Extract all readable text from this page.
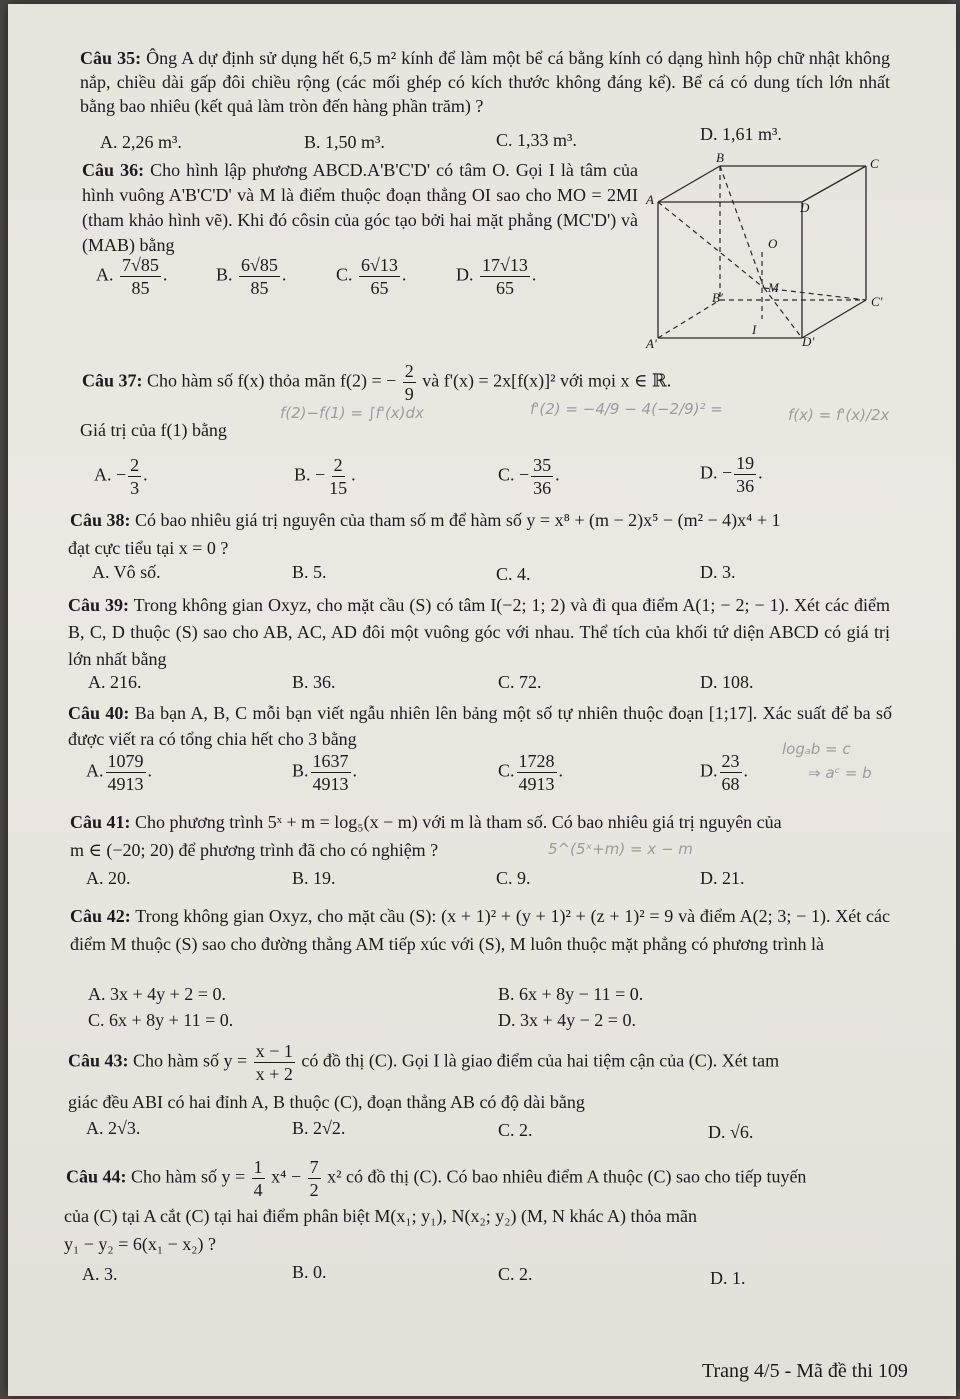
Câu 35: Ông A dự định sử dụng hết 6,5 m² kính để làm một bể cá bằng kính có dạng hình hộp chữ nhật không nắp, chiều dài gấp đôi chiều rộng (các mối ghép có kích thước không đáng kể). Bể cá có dung tích lớn nhất bằng bao nhiêu (kết quả làm tròn đến hàng phần trăm) ?
A. 2,26 m³.	B. 1,50 m³.	C. 1,33 m³.	D. 1,61 m³.
Câu 36: Cho hình lập phương ABCD.A'B'C'D' có tâm O. Gọi I là tâm của hình vuông A'B'C'D' và M là điểm thuộc đoạn thẳng OI sao cho MO = 2MI (tham khảo hình vẽ). Khi đó côsin của góc tạo bởi hai mặt phẳng (MC'D') và (MAB) bằng
A. $\frac{7√85}{85}$ .	B. $\frac{6√85}{85}$ .	C. $\frac{6√13}{65}$ .	D. $\frac{17√13}{65}$ .
B	C
A
D
O
M
B'	C'
I
A'	D'
Câu 37: Cho hàm số f(x) thỏa mãn f(2) = − $\frac{2}{9}$ và f'(x) = 2x[f(x)]² với mọi x ∈ ℝ.
Giá trị của f(1) bằng
f(2)−f(1) = ∫f'(x)dx	f'(2) = −4/9 − 4(−2/9)² =	f(x) = f'(x)/2x
A. − $\frac{2}{3}$ .	B. − $\frac{2}{15}$ .	C. − $\frac{35}{36}$ .	D. − $\frac{19}{36}$ .
Câu 38: Có bao nhiêu giá trị nguyên của tham số m để hàm số y = x⁸ + (m − 2)x⁵ − (m² − 4)x⁴ + 1
đạt cực tiểu tại x = 0 ?
A. Vô số.	B. 5.	C. 4.	D. 3.
Câu 39: Trong không gian Oxyz, cho mặt cầu (S) có tâm I(−2; 1; 2) và đi qua điểm A(1; − 2; − 1). Xét các điểm B, C, D thuộc (S) sao cho AB, AC, AD đôi một vuông góc với nhau. Thể tích của khối tứ diện ABCD có giá trị lớn nhất bằng
A. 216.	B. 36.	C. 72.	D. 108.
Câu 40: Ba bạn A, B, C mỗi bạn viết ngẫu nhiên lên bảng một số tự nhiên thuộc đoạn [1;17]. Xác suất để ba số được viết ra có tổng chia hết cho 3 bằng
A. $\frac{1079}{4913}$ .	B. $\frac{1637}{4913}$ .	C. $\frac{1728}{4913}$ .	D. $\frac{23}{68}$ .
logₐb = c
⇒ aᶜ = b
Câu 41: Cho phương trình 5ˣ + m = log₅(x − m) với m là tham số. Có bao nhiêu giá trị nguyên của
m ∈ (−20; 20) để phương trình đã cho có nghiệm ?	5^(5ˣ+m) = x − m
A. 20.	B. 19.	C. 9.	D. 21.
Câu 42: Trong không gian Oxyz, cho mặt cầu (S): (x + 1)² + (y + 1)² + (z + 1)² = 9 và điểm A(2; 3; − 1). Xét các điểm M thuộc (S) sao cho đường thẳng AM tiếp xúc với (S), M luôn thuộc mặt phẳng có phương trình là
A. 3x + 4y + 2 = 0.	B. 6x + 8y − 11 = 0.
C. 6x + 8y + 11 = 0.	D. 3x + 4y − 2 = 0.
Câu 43: Cho hàm số $y = \frac{x - 1}{x + 2}$ có đồ thị (C). Gọi I là giao điểm của hai tiệm cận của (C). Xét tam
giác đều ABI có hai đỉnh A, B thuộc (C), đoạn thẳng AB có độ dài bằng
A. 2√3.	B. 2√2.	C. 2.	D. √6.
Câu 44: Cho hàm số $y = \frac{1}{4} x^4 - \frac{7}{2} x^2$ có đồ thị (C). Có bao nhiêu điểm A thuộc (C) sao cho tiếp tuyến
của (C) tại A cắt (C) tại hai điểm phân biệt M(x₁; y₁), N(x₂; y₂) (M, N khác A) thỏa mãn
y₁ − y₂ = 6(x₁ − x₂) ?
A. 3.	B. 0.	C. 2.	D. 1.
Trang 4/5 - Mã đề thi 109
